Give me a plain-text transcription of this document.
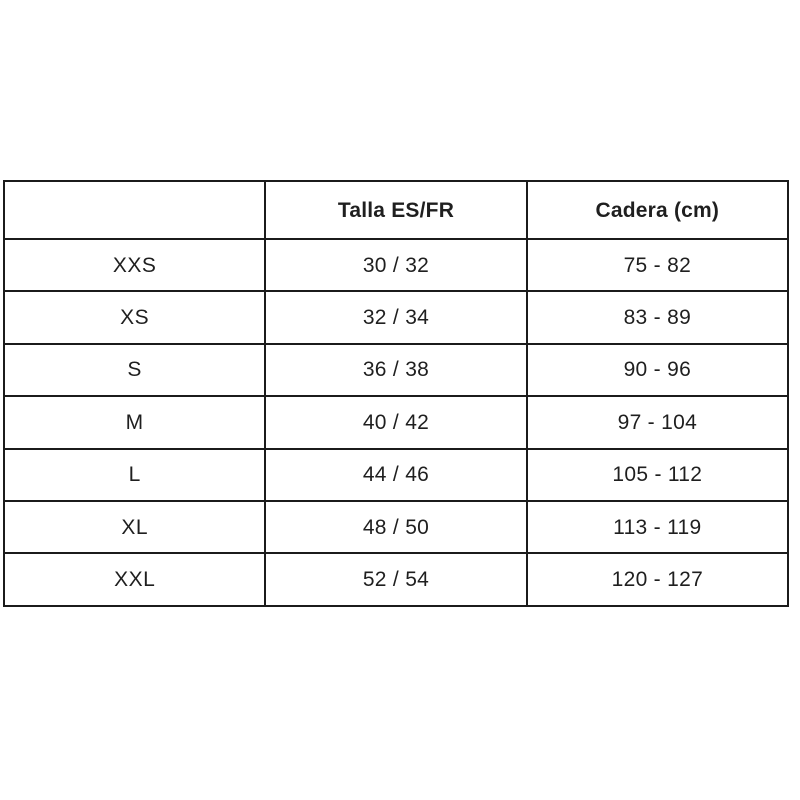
	Talla ES/FR	Cadera (cm)
XXS	30 / 32	75 - 82
XS	32 / 34	83 - 89
S	36 / 38	90 - 96
M	40 / 42	97 - 104
L	44 / 46	105 - 112
XL	48 / 50	113 - 119
XXL	52 / 54	120 - 127
